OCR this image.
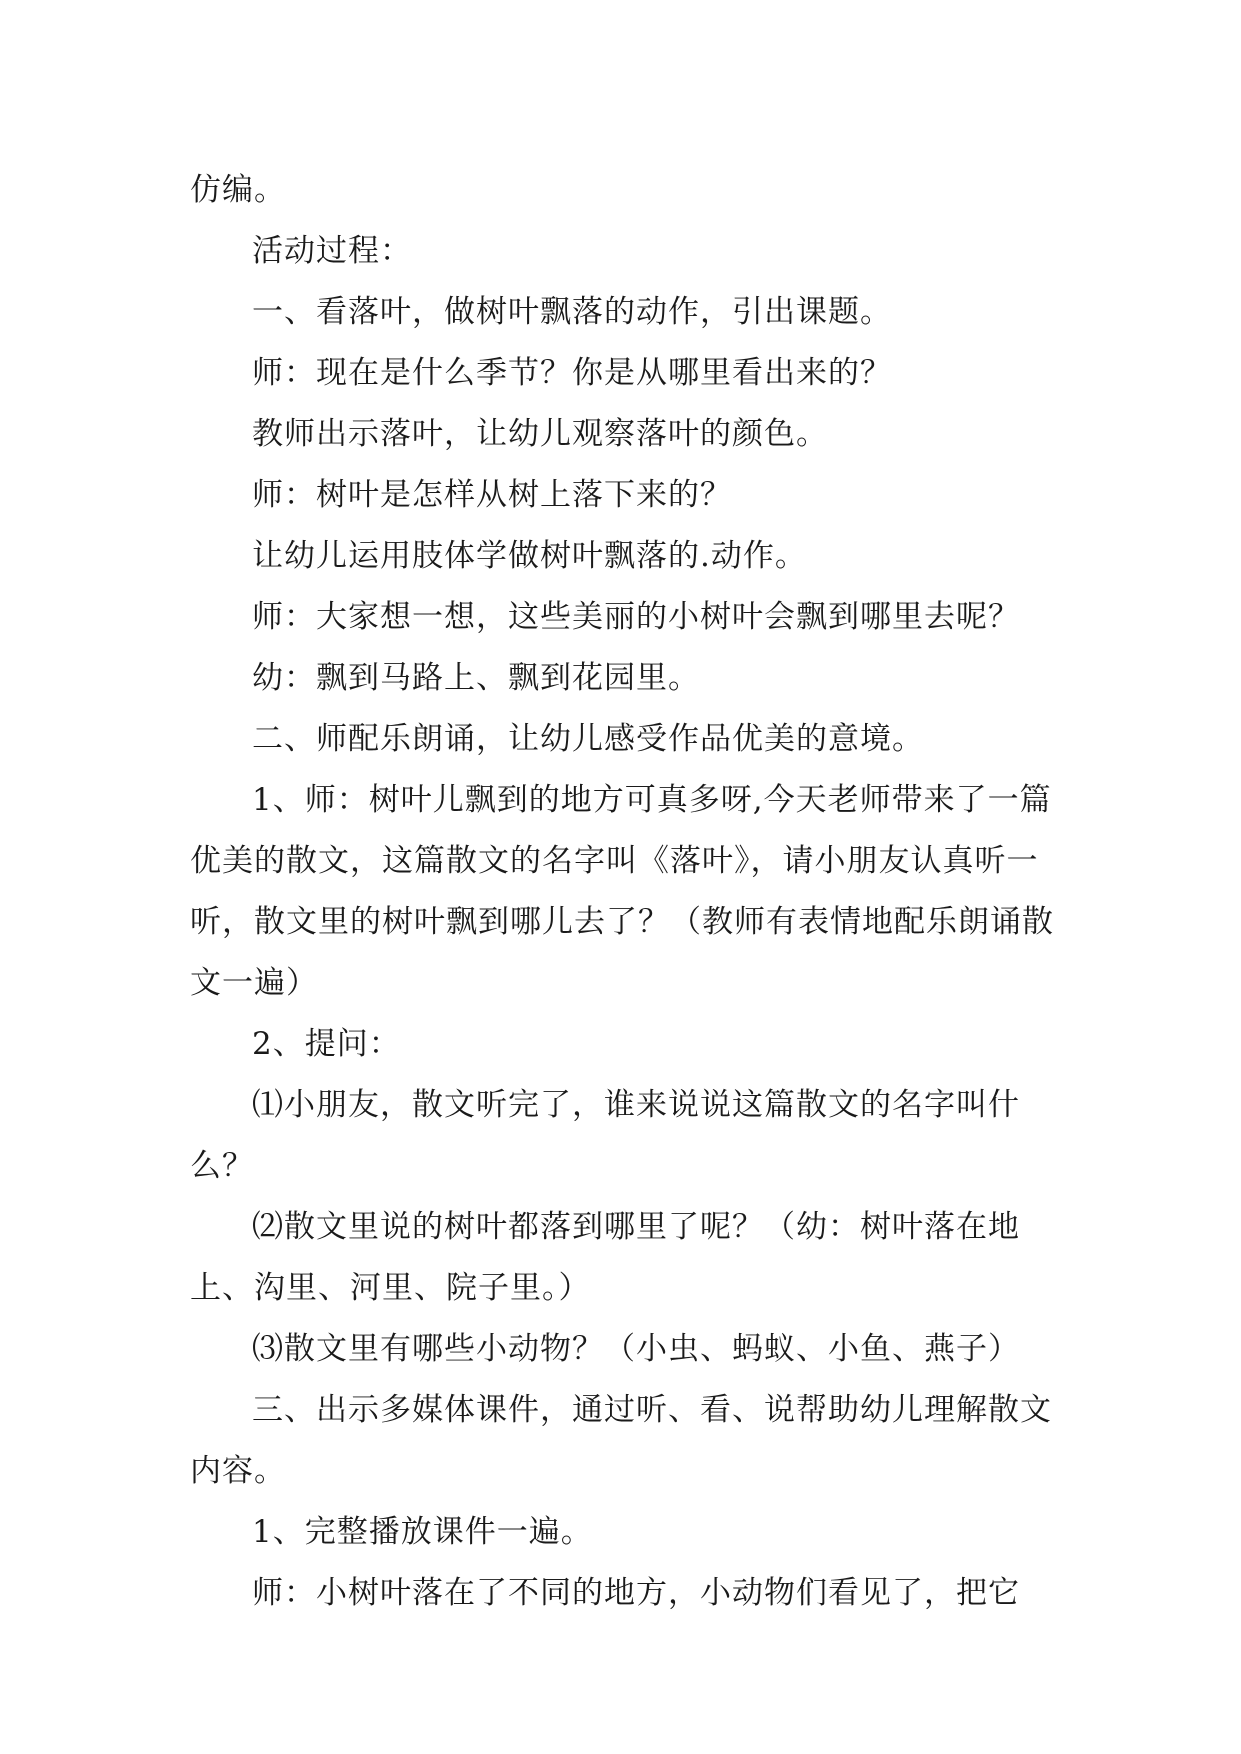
仿编。

活动过程：

一、看落叶，做树叶飘落的动作，引出课题。

师：现在是什么季节？你是从哪里看出来的？

教师出示落叶，让幼儿观察落叶的颜色。

师：树叶是怎样从树上落下来的？

让幼儿运用肢体学做树叶飘落的.动作。

师：大家想一想，这些美丽的小树叶会飘到哪里去呢？

幼：飘到马路上、飘到花园里。

二、师配乐朗诵，让幼儿感受作品优美的意境。

1、师：树叶儿飘到的地方可真多呀,今天老师带来了一篇优美的散文，这篇散文的名字叫《落叶》，请小朋友认真听一听，散文里的树叶飘到哪儿去了？（教师有表情地配乐朗诵散文一遍）

2、提问：

⑴小朋友，散文听完了，谁来说说这篇散文的名字叫什么？

⑵散文里说的树叶都落到哪里了呢？（幼：树叶落在地上、沟里、河里、院子里。）

⑶散文里有哪些小动物？（小虫、蚂蚁、小鱼、燕子）

三、出示多媒体课件，通过听、看、说帮助幼儿理解散文内容。

1、完整播放课件一遍。

师：小树叶落在了不同的地方，小动物们看见了，把它
